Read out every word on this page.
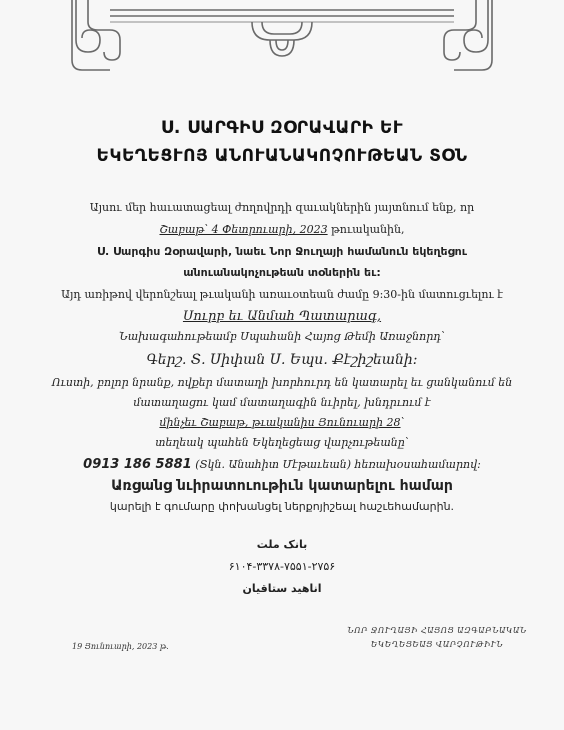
Ս. ՍԱՐԳԻՍ ԶՕՐԱՎԱՐԻ ԵՒ
ԵԿԵՂԵՑՒՈՅ ԱՆՈՒԱՆԱԿՈՉՈՒԹԵԱՆ ՏՕՆ
Այսու մեր հաւատացեալ ժողովրդի զաւակներին յայտնում ենք, որ
Շաբաթ՝ 4 Փետրուարի, 2023 թուականին,
Ս. Սարգիս Զօրավարի, նաեւ Նոր Ջուղայի համանուն եկեղեցու
անուանակոչութեան տօներին եւ:
Այդ առիթով վերոնշեալ թւականի առաւօտեան ժամը 9:30-ին մատուցւելու է
Սուրբ եւ Անմահ Պատարագ,
Նախագահութեամբ Սպահանի Հայոց Թեմի Առաջնորդ՝
Գերշ. Տ. Սիփան Ս. Եպս. Քէշիշեանի:
Ուստի, բոլոր նրանք, ովքեր մատաղի խորհուրդ են կատարել եւ ցանկանում են
մատաղացու կամ մատաղագին նւիրել, խնդրւում է
մինչեւ Շաբաթ, թւականիս Յունուարի 28՝
տեղեակ պահեն Եկեղեցեաց վարչութեանը՝
0913 186 5881 (Տկն. Անահիտ Մէթաւեան) հեռախօսահամարով:
Առցանց նւիրատուութիւն կատարելու համար
կարելի է գումարը փոխանցել ներքոյիշեալ հաշւեհամարին.
بانک ملت
۶۱۰۴-۳۳۷۸-۷۵۵۱-۲۷۵۶
اناهید ستاقیان
19 Յունուարի, 2023 թ.
ՆՈՐ ՋՈՒՂԱՅԻ ՀԱՅՈՑ ԱԶԳԱԲՆԱԿԱՆ
ԵԿԵՂԵՑԵԱՑ ՎԱՐՉՈՒԹԻՒՆ
